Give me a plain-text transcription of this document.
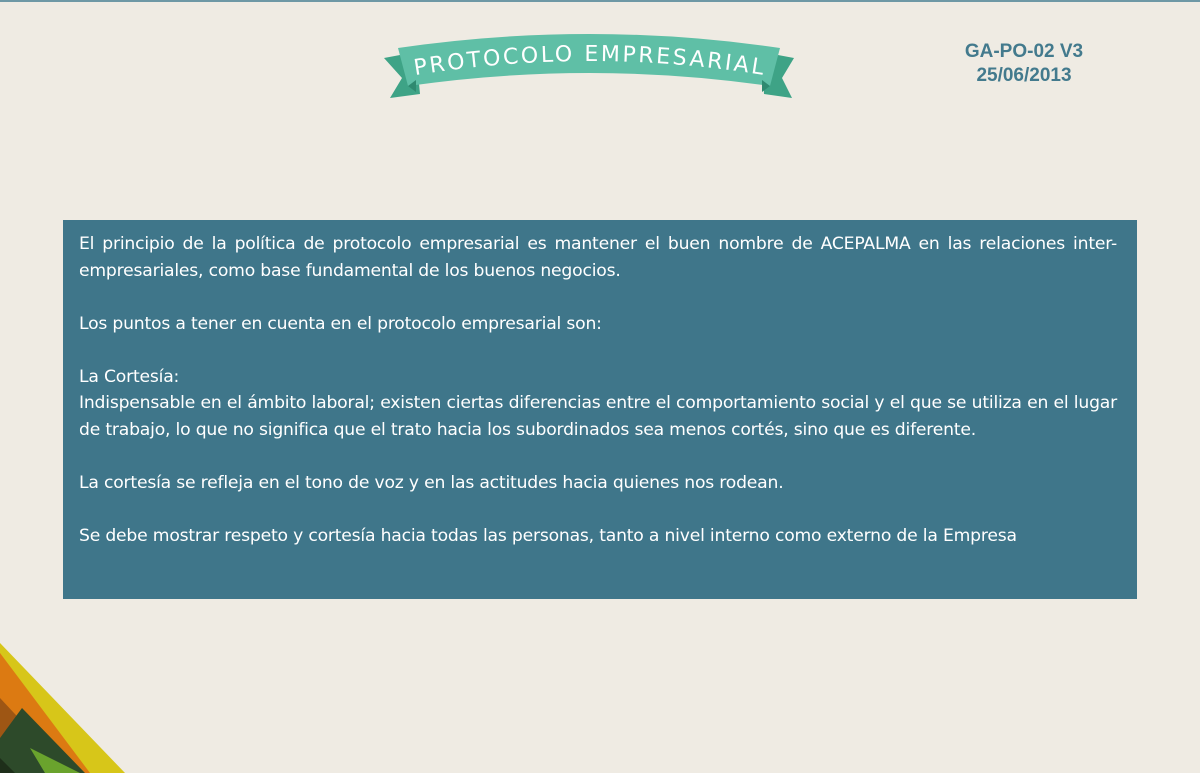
PROTOCOLO EMPRESARIAL
GA-PO-02 V3
25/06/2013

El principio de la política de protocolo empresarial es mantener el buen nombre de ACEPALMA en las relaciones inter-empresariales, como base fundamental de los buenos negocios.

Los puntos a tener en cuenta en el protocolo empresarial son:

La Cortesía:

Indispensable en el ámbito laboral; existen ciertas diferencias entre el comportamiento social y el que se utiliza en el lugar de trabajo, lo que no significa que el trato hacia los subordinados sea menos cortés, sino que es diferente.

La cortesía se refleja en el tono de voz y en las actitudes hacia quienes nos rodean.

Se debe mostrar respeto y cortesía hacia todas las personas, tanto a nivel interno como externo de la Empresa
